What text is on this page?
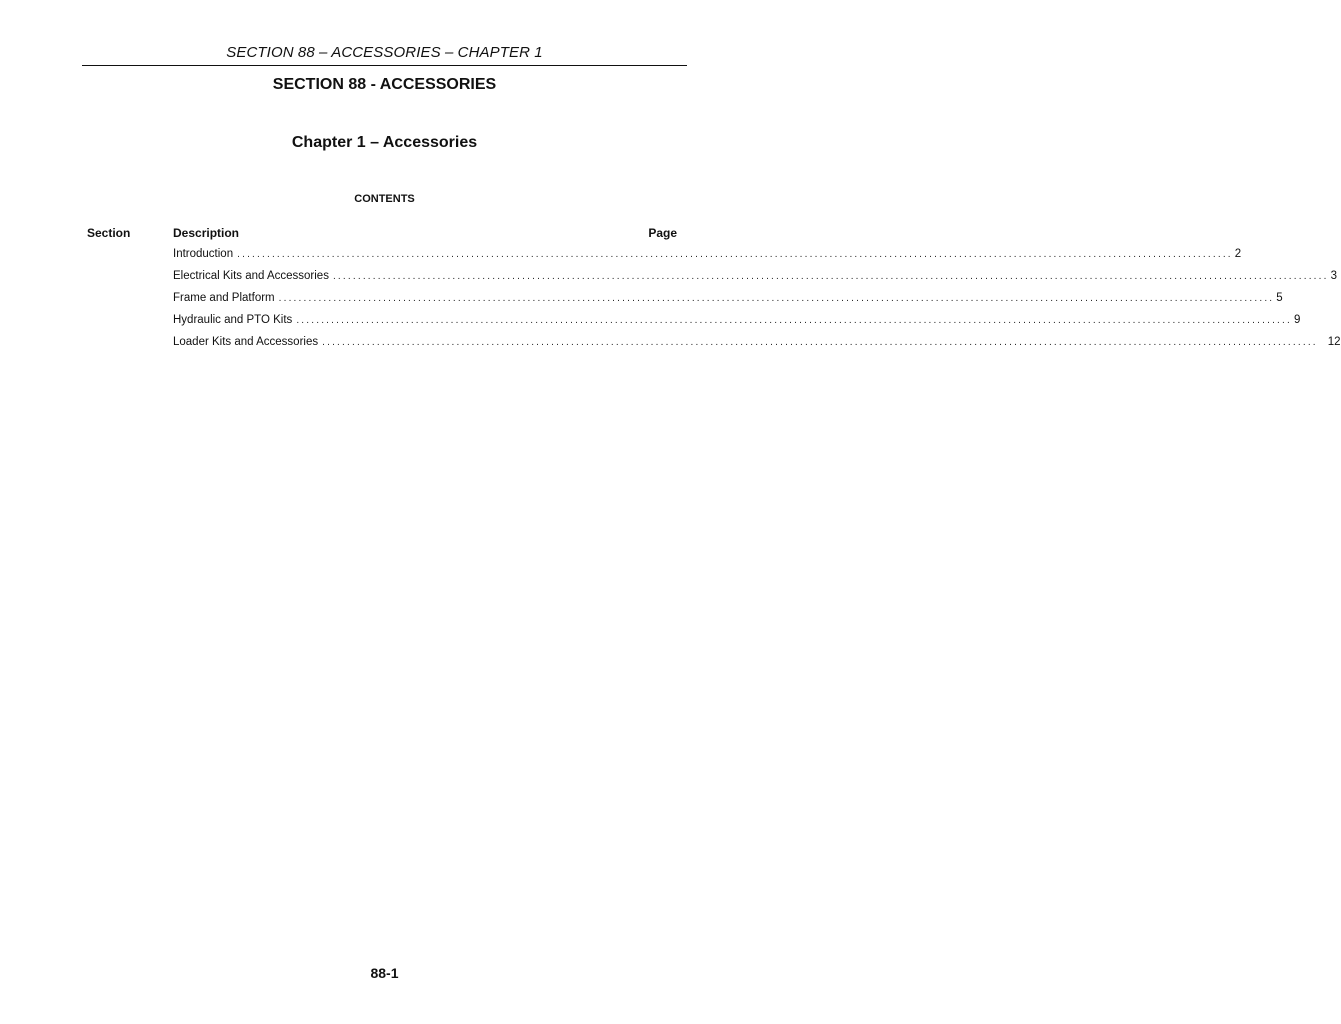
SECTION 88 – ACCESSORIES – CHAPTER 1
SECTION 88 - ACCESSORIES
Chapter 1 – Accessories
CONTENTS
Section	Description	Page
Introduction ........................................................................................................................................................................................................ 2
Electrical Kits and Accessories ........................................................................................................................................................................................................ 3
Frame and Platform ........................................................................................................................................................................................................ 5
Hydraulic and PTO Kits ........................................................................................................................................................................................................ 9
Loader Kits and Accessories ........................................................................................................................................................................................................ 12
88-1
